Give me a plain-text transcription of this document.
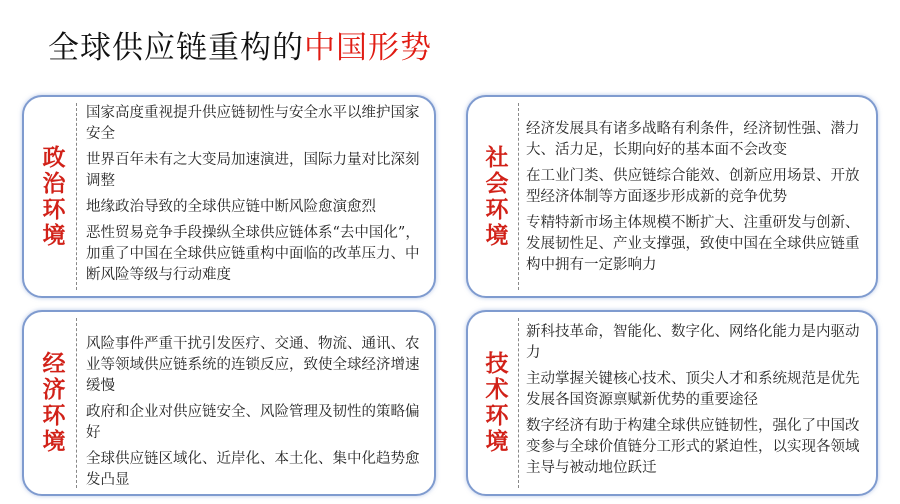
全球供应链重构的中国形势
政治环境

国家高度重视提升供应链韧性与安全水平以维护国家安全

世界百年未有之大变局加速演进，国际力量对比深刻调整

地缘政治导致的全球供应链中断风险愈演愈烈

恶性贸易竞争手段操纵全球供应链体系“去中国化”，加重了中国在全球供应链重构中面临的改革压力、中断风险等级与行动难度

社会环境

经济发展具有诸多战略有利条件，经济韧性强、潜力大、活力足，长期向好的基本面不会改变

在工业门类、供应链综合能效、创新应用场景、开放型经济体制等方面逐步形成新的竞争优势

专精特新市场主体规模不断扩大、注重研发与创新、发展韧性足、产业支撑强，致使中国在全球供应链重构中拥有一定影响力

经济环境

风险事件严重干扰引发医疗、交通、物流、通讯、农业等领域供应链系统的连锁反应，致使全球经济增速缓慢

政府和企业对供应链安全、风险管理及韧性的策略偏好

全球供应链区域化、近岸化、本土化、集中化趋势愈发凸显

技术环境

新科技革命，智能化、数字化、网络化能力是内驱动力

主动掌握关键核心技术、顶尖人才和系统规范是优先发展各国资源禀赋新优势的重要途径

数字经济有助于构建全球供应链韧性，强化了中国改变参与全球价值链分工形式的紧迫性，以实现各领域主导与被动地位跃迁
